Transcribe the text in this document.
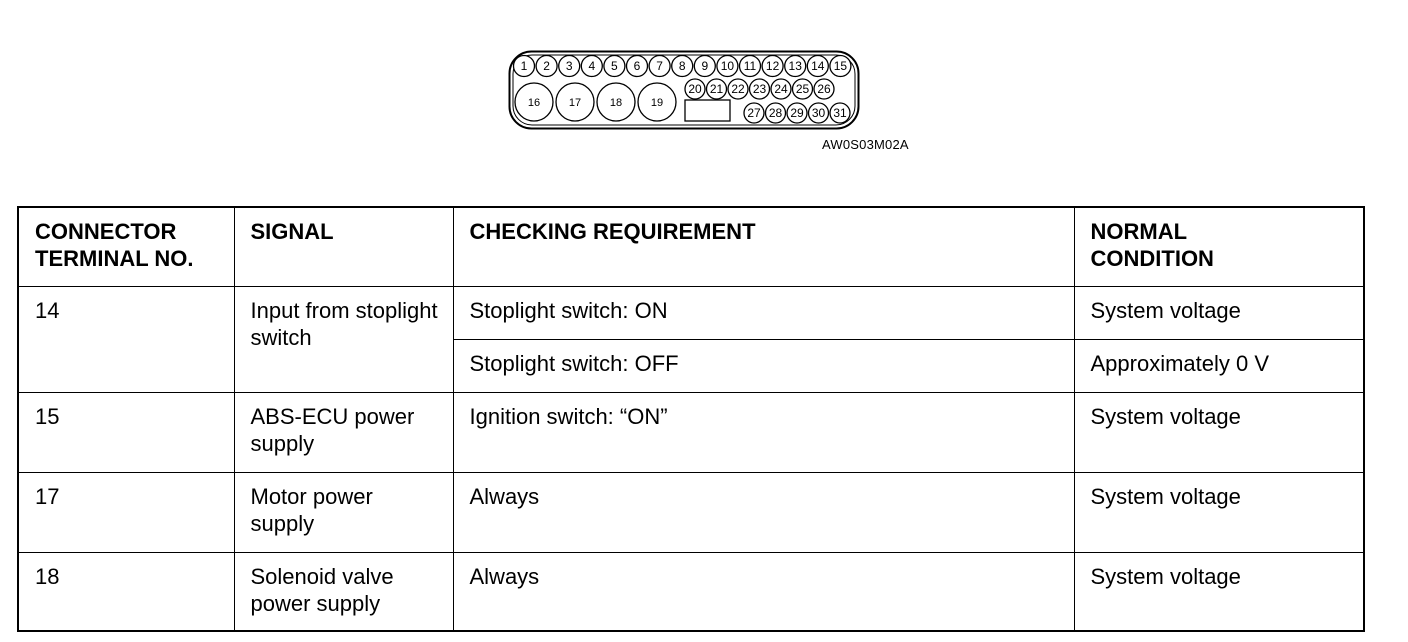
1 2 3 4 5 6 7 8 9 10 11 12 13 14 15
16	17	18	19
20 21 22 23 24 25 26
27 28 29 30 31
AW0S03M02A
CONNECTOR
TERMINAL NO.	SIGNAL	CHECKING REQUIREMENT	NORMAL
CONDITION
14	Input from stoplight switch	Stoplight switch: ON	System voltage
		Stoplight switch: OFF	Approximately 0 V
15	ABS-ECU power supply	Ignition switch: “ON”	System voltage
17	Motor power supply	Always	System voltage
18	Solenoid valve power supply	Always	System voltage
